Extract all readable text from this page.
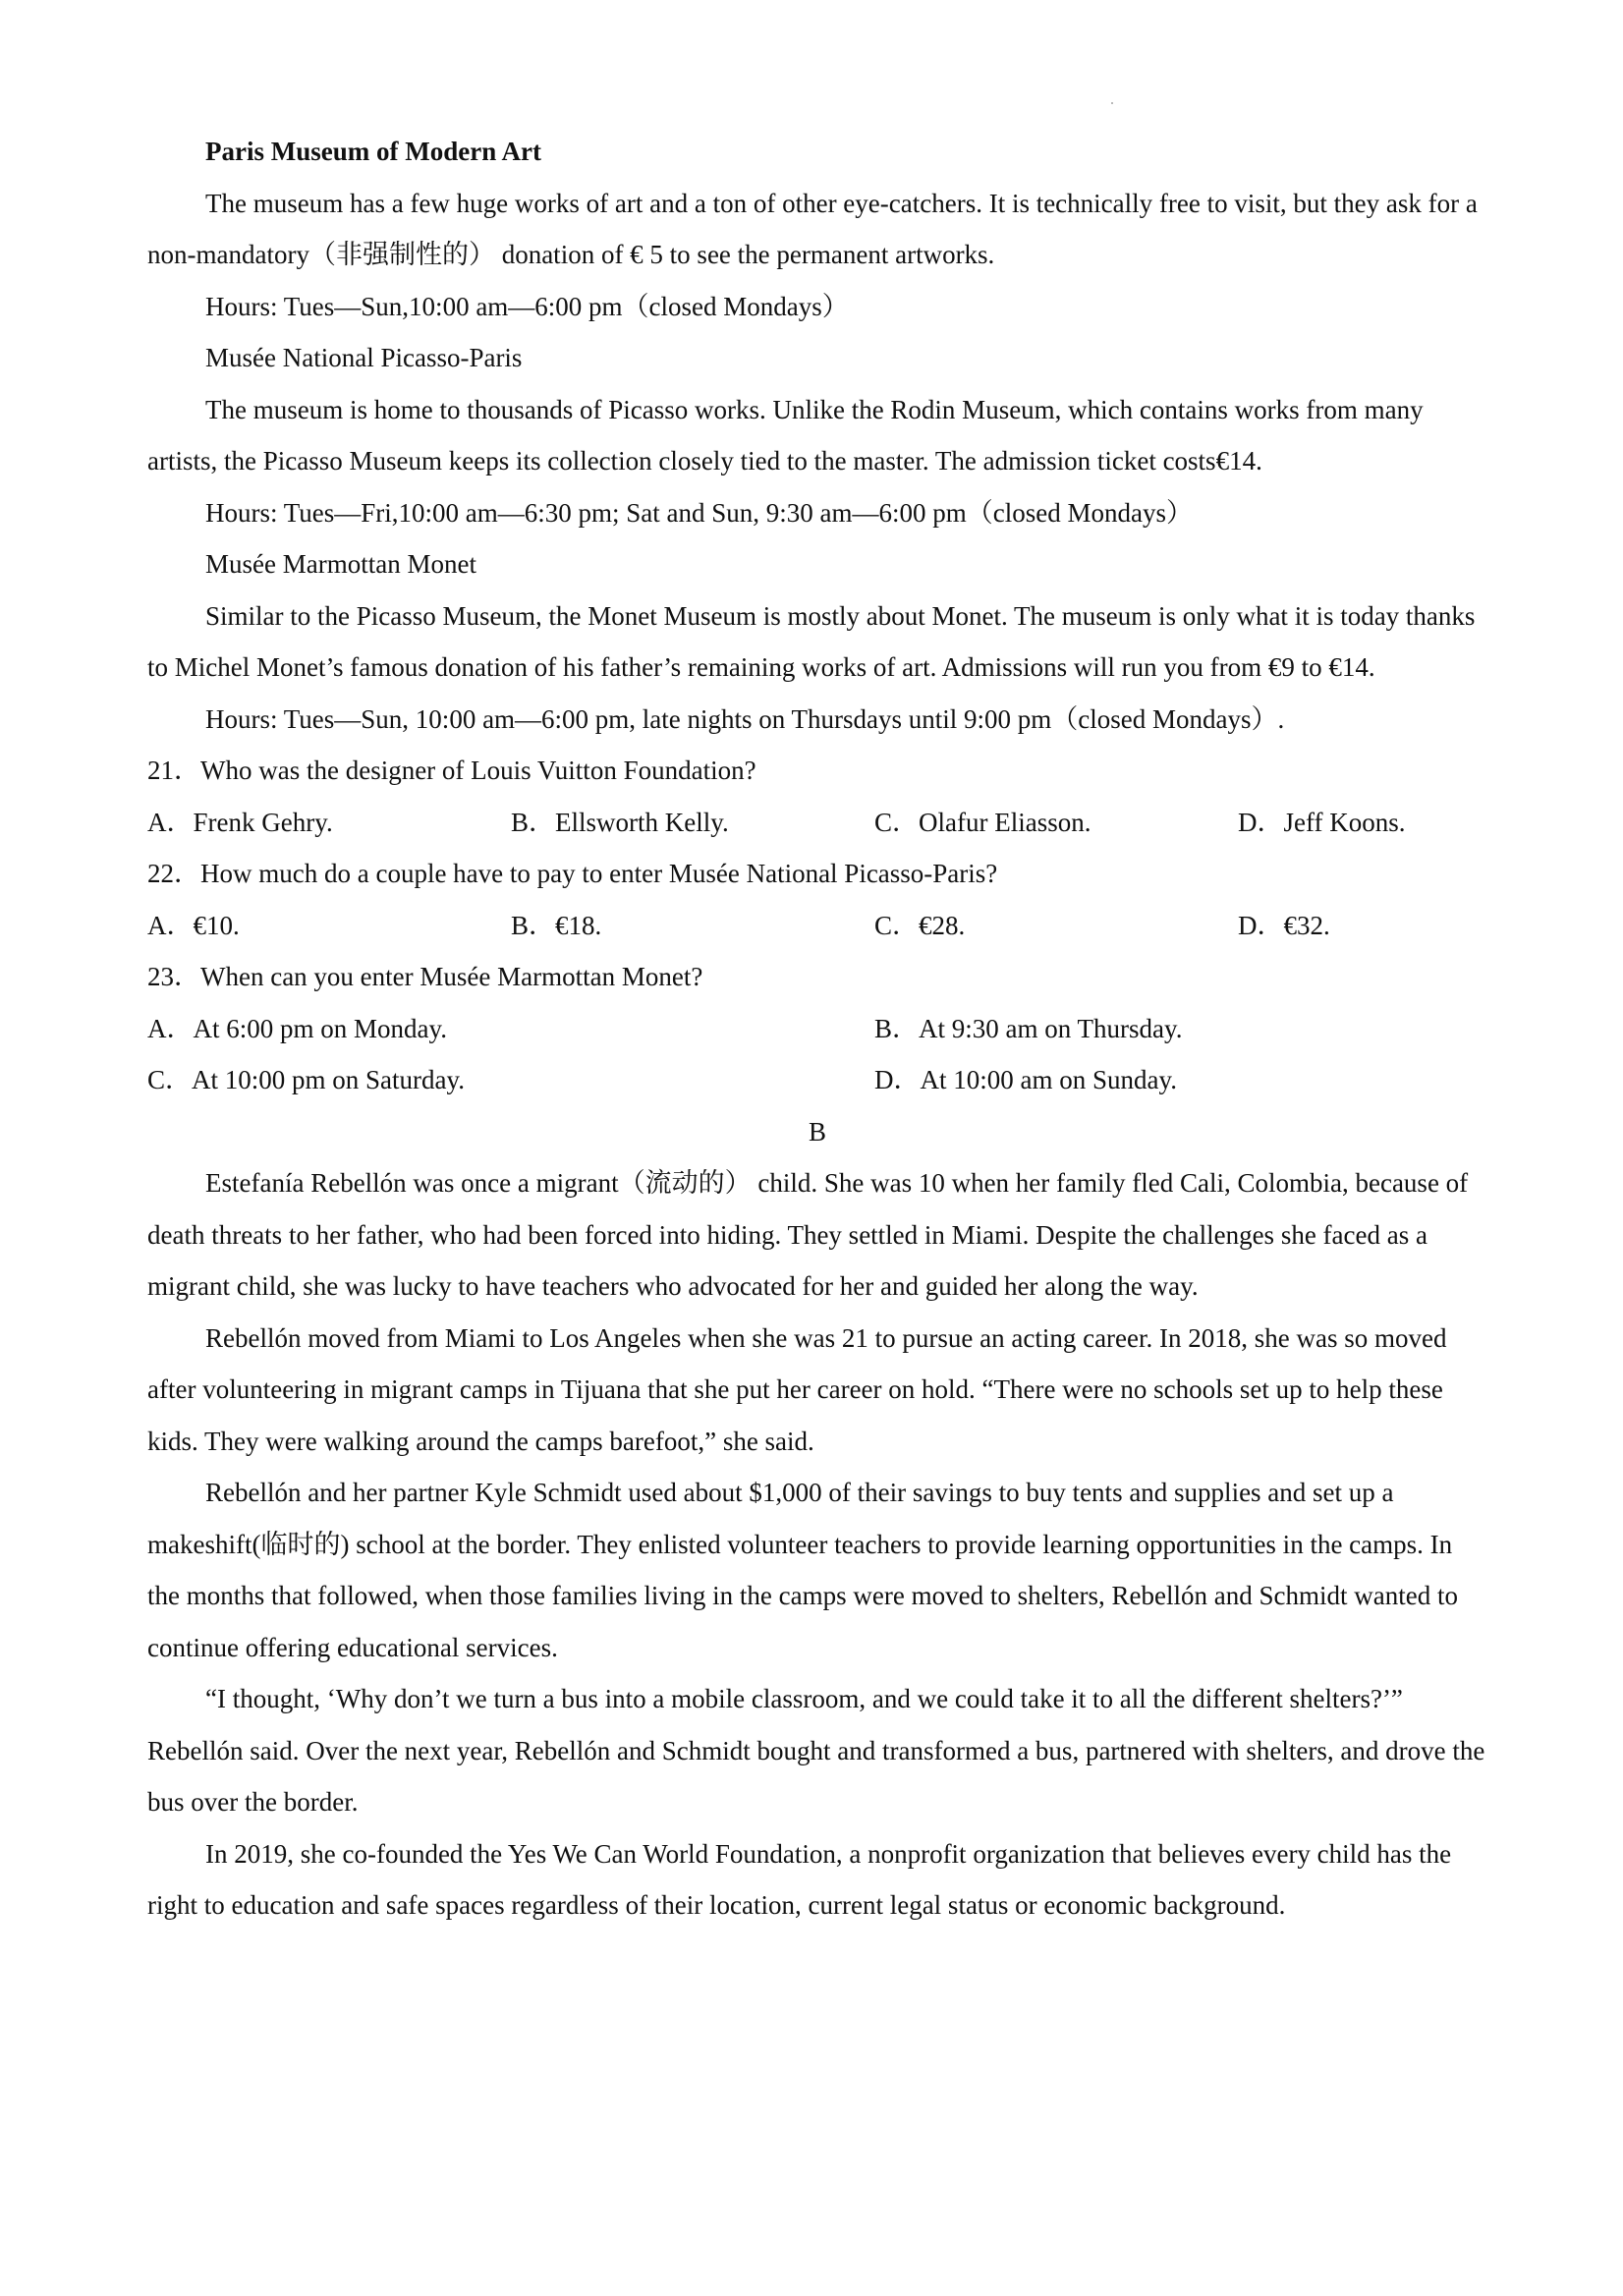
Paris Museum of Modern Art

The museum has a few huge works of art and a ton of other eye-catchers. It is technically free to visit, but they ask for a non-mandatory（非强制性的） donation of € 5 to see the permanent artworks.

Hours: Tues—Sun,10:00 am—6:00 pm（closed Mondays）

Musée National Picasso-Paris

The museum is home to thousands of Picasso works. Unlike the Rodin Museum, which contains works from many artists, the Picasso Museum keeps its collection closely tied to the master. The admission ticket costs€14.

Hours: Tues—Fri,10:00 am—6:30 pm; Sat and Sun, 9:30 am—6:00 pm（closed Mondays）

Musée Marmottan Monet

Similar to the Picasso Museum, the Monet Museum is mostly about Monet. The museum is only what it is today thanks to Michel Monet’s famous donation of his father’s remaining works of art. Admissions will run you from €9 to €14.

Hours: Tues—Sun, 10:00 am—6:00 pm, late nights on Thursdays until 9:00 pm（closed Mondays）.

21．Who was the designer of Louis Vuitton Foundation?

A．Frenk Gehry.	B．Ellsworth Kelly.	C．Olafur Eliasson.	D．Jeff Koons.

22．How much do a couple have to pay to enter Musée National Picasso-Paris?

A．€10.	B．€18.	C．€28.	D．€32.

23．When can you enter Musée Marmottan Monet?

A．At 6:00 pm on Monday.	B．At 9:30 am on Thursday.
C．At 10:00 pm on Saturday.	D．At 10:00 am on Sunday.

B

Estefanía Rebellón was once a migrant（流动的） child. She was 10 when her family fled Cali, Colombia, because of death threats to her father, who had been forced into hiding. They settled in Miami. Despite the challenges she faced as a migrant child, she was lucky to have teachers who advocated for her and guided her along the way.

Rebellón moved from Miami to Los Angeles when she was 21 to pursue an acting career. In 2018, she was so moved after volunteering in migrant camps in Tijuana that she put her career on hold. “There were no schools set up to help these kids. They were walking around the camps barefoot,” she said.

Rebellón and her partner Kyle Schmidt used about $1,000 of their savings to buy tents and supplies and set up a makeshift(临时的) school at the border. They enlisted volunteer teachers to provide learning opportunities in the camps. In the months that followed, when those families living in the camps were moved to shelters, Rebellón and Schmidt wanted to continue offering educational services.

“I thought, ‘Why don’t we turn a bus into a mobile classroom, and we could take it to all the different shelters?’” Rebellón said. Over the next year, Rebellón and Schmidt bought and transformed a bus, partnered with shelters, and drove the bus over the border.

In 2019, she co-founded the Yes We Can World Foundation, a nonprofit organization that believes every child has the right to education and safe spaces regardless of their location, current legal status or economic background.
